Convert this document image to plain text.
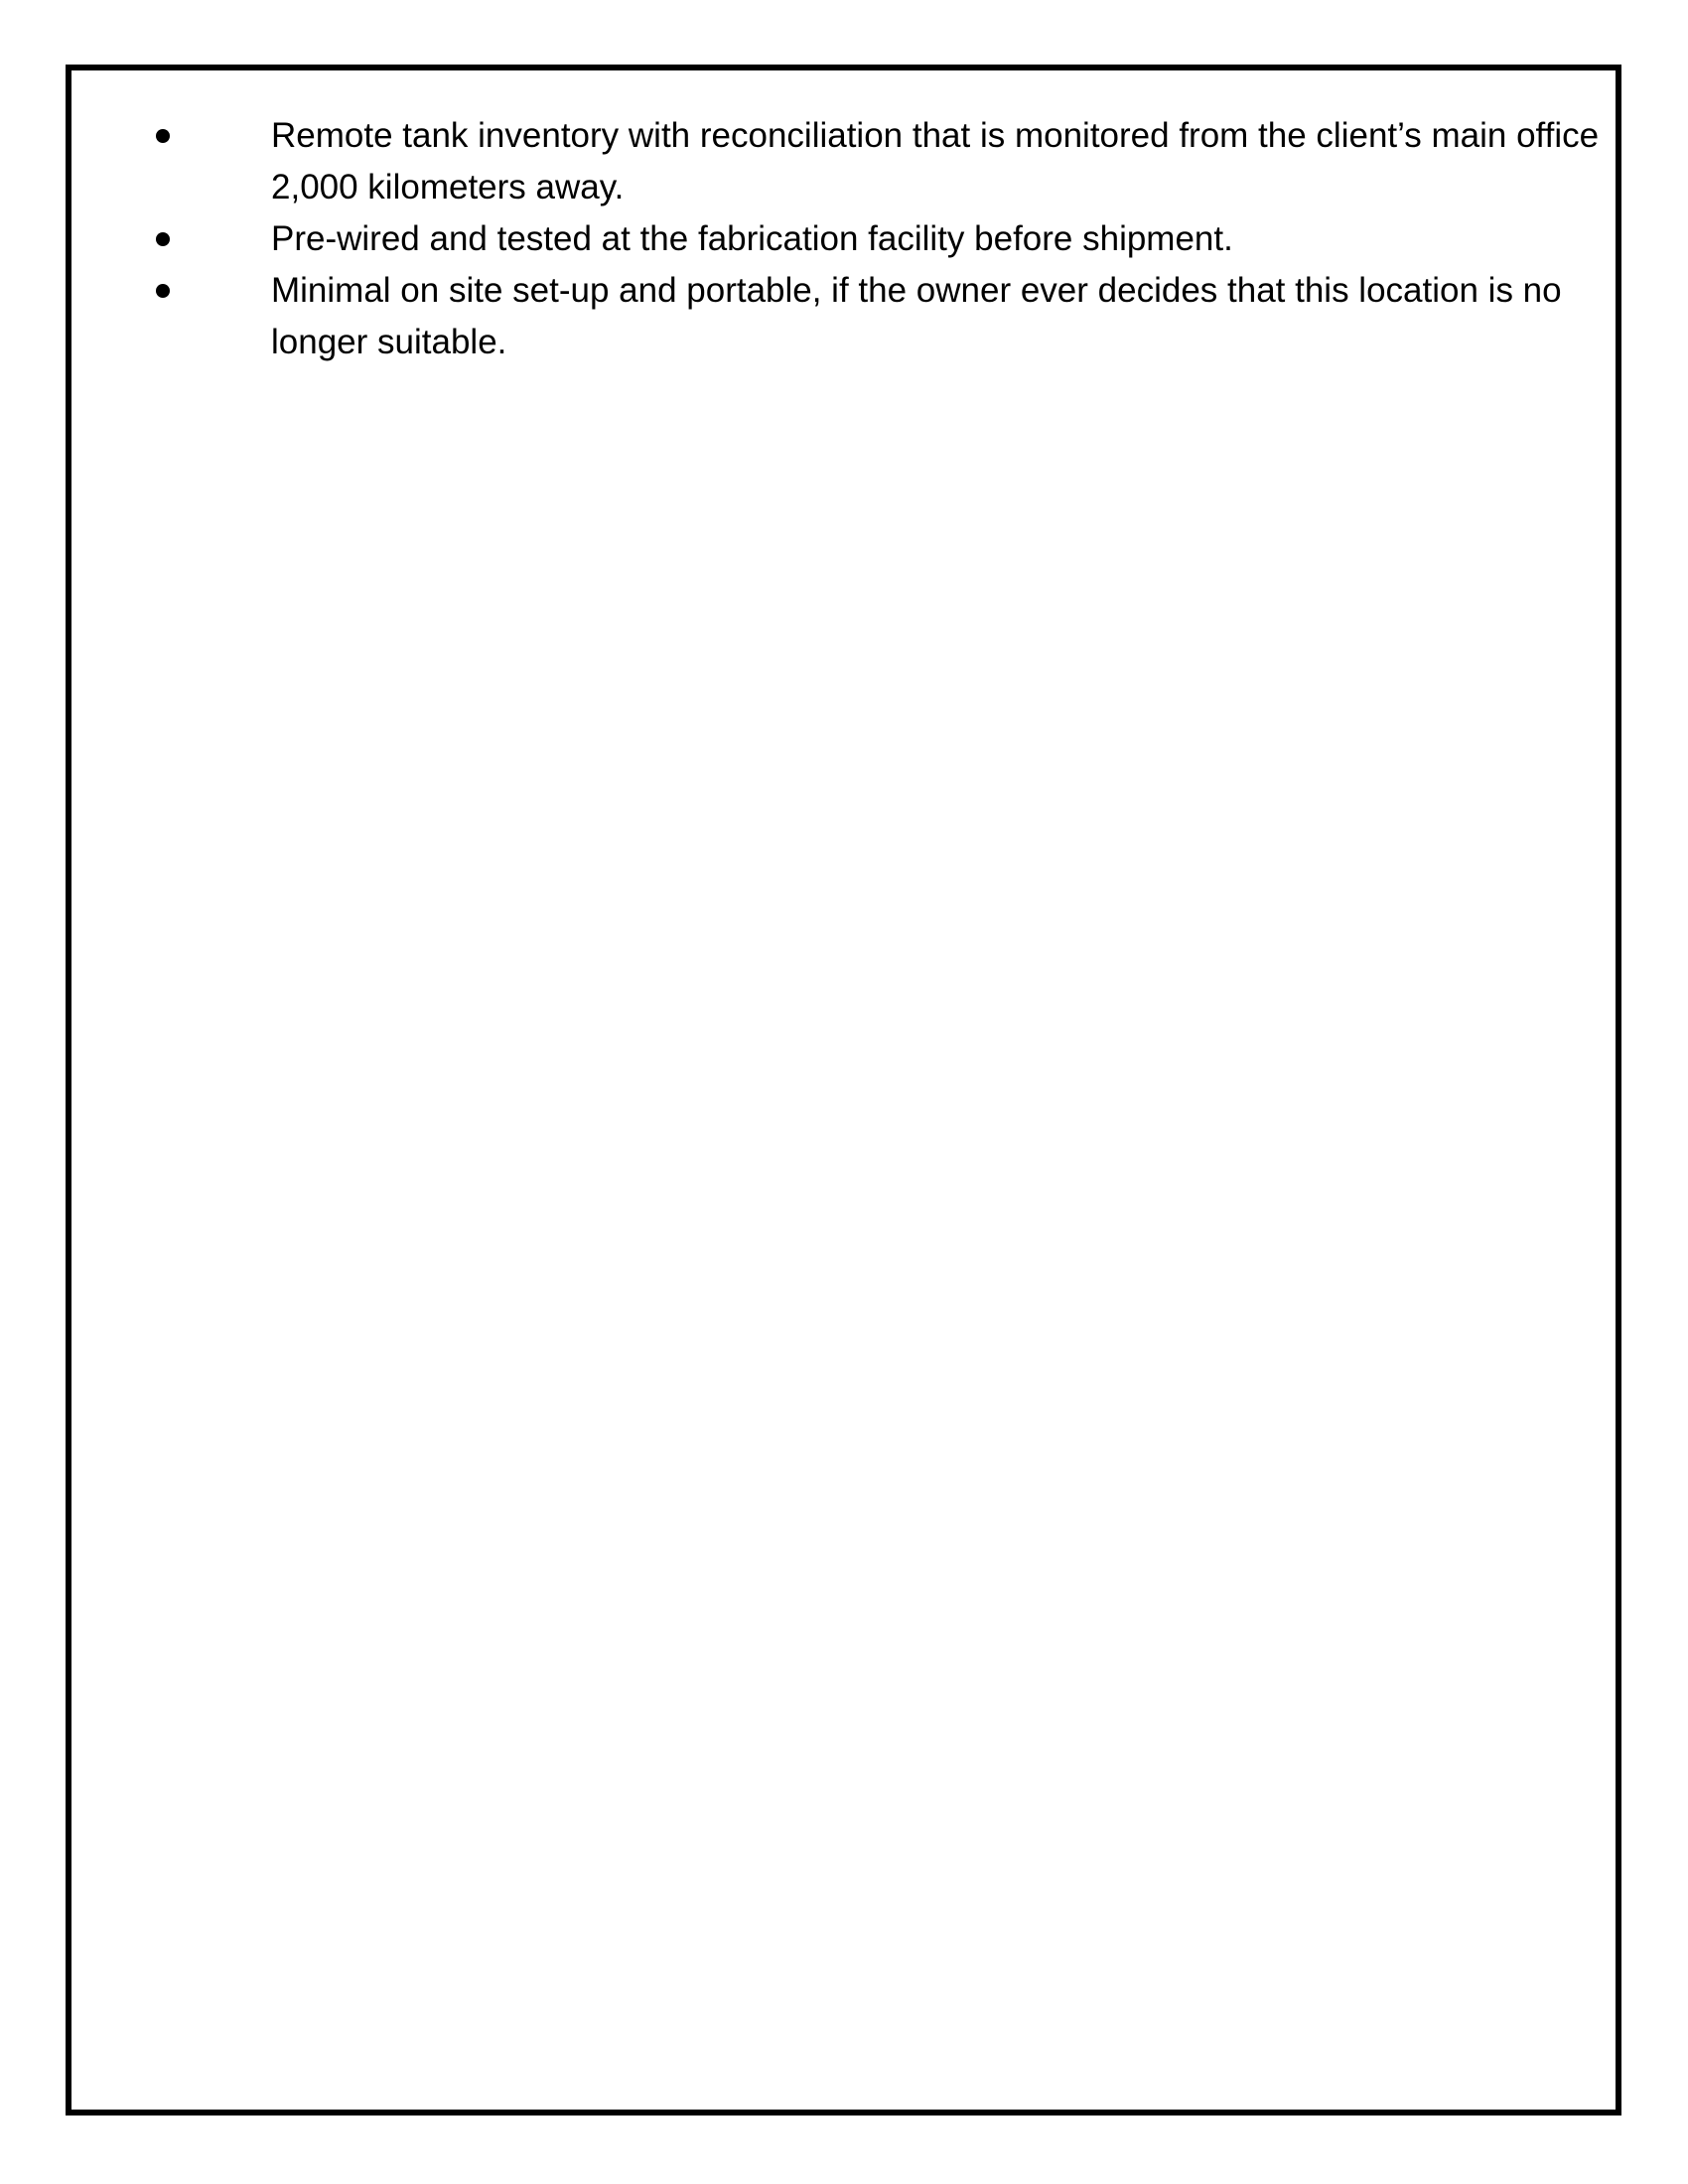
Remote tank inventory with reconciliation that is monitored from the client’s main office 2,000 kilometers away.
Pre-wired and tested at the fabrication facility before shipment.
Minimal on site set-up and portable, if the owner ever decides that this location is no longer suitable.
